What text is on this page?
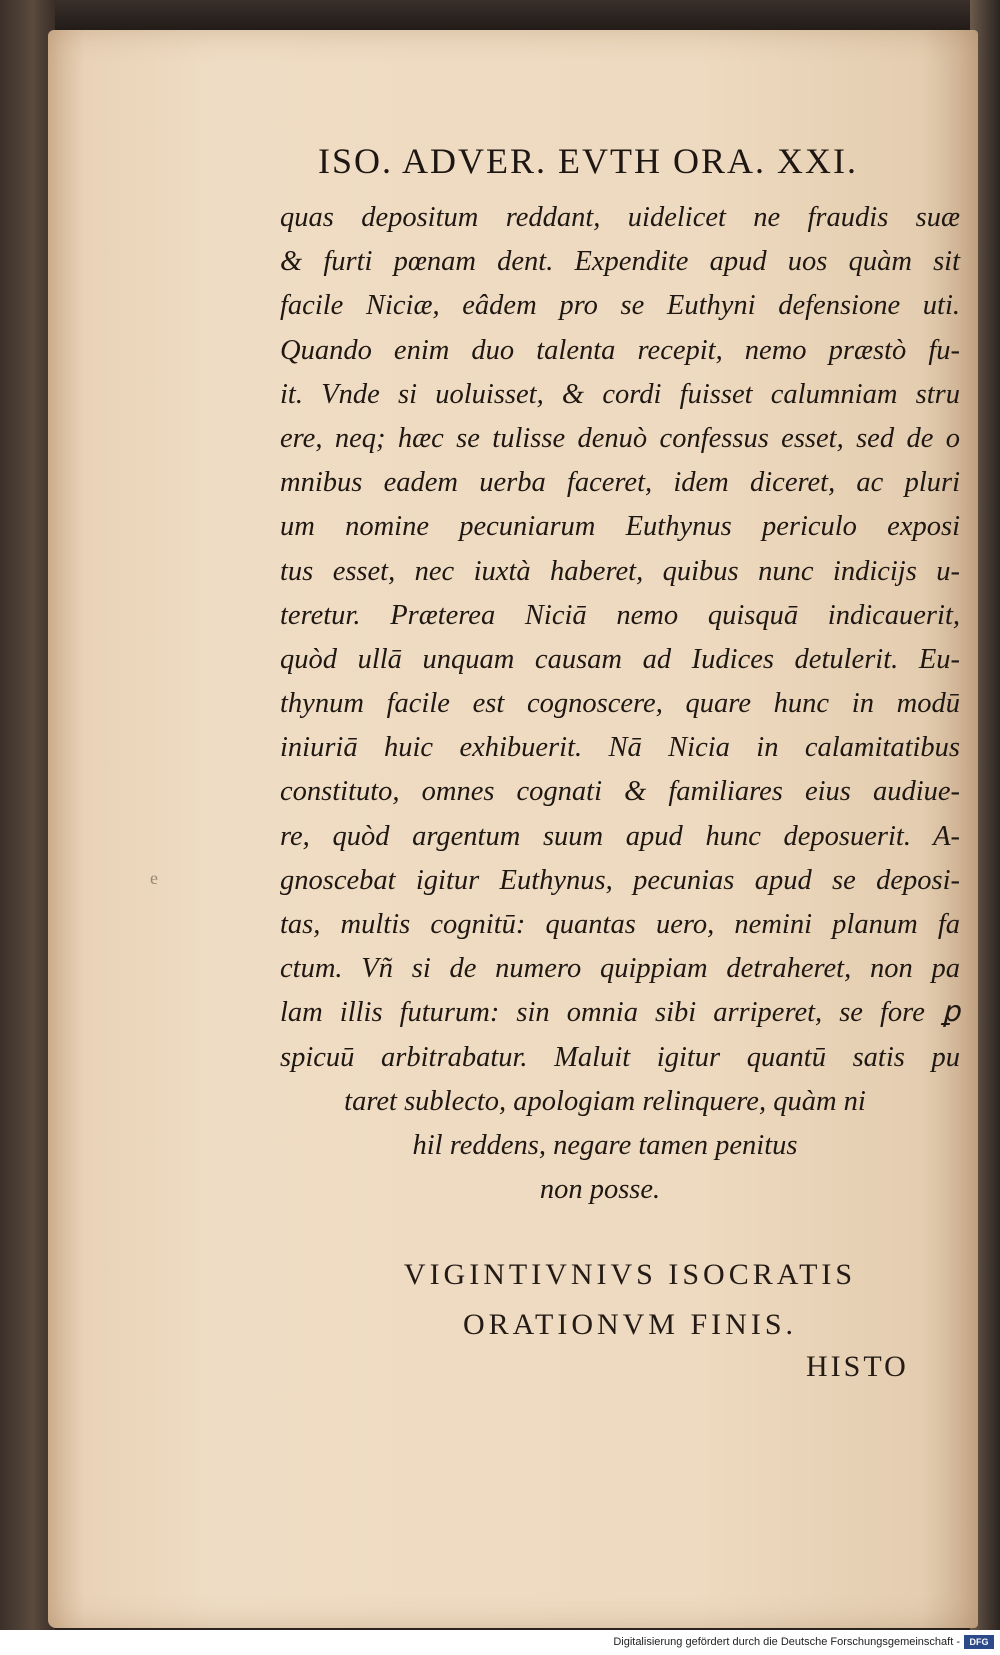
ISO. ADVER. EVTH ORA. XXI.
quas depositum reddant, uidelicet ne fraudis suæ
& furti pœnam dent. Expendite apud uos quàm sit
facile Niciæ, eâdem pro se Euthyni defensione uti.
Quando enim duo talenta recepit, nemo præstò fu-
it. Vnde si uoluisset, & cordi fuisset calumniam stru
ere, neq; hæc se tulisse denuò confessus esset, sed de o
mnibus eadem uerba faceret, idem diceret, ac pluri
um nomine pecuniarum Euthynus periculo exposi
tus esset, nec iuxtà haberet, quibus nunc indicijs u-
teretur. Præterea Niciā nemo quisquā indicauerit,
quòd ullā unquam causam ad Iudices detulerit. Eu-
thynum facile est cognoscere, quare hunc in modū
iniuriā huic exhibuerit. Nā Nicia in calamitatibus
constituto, omnes cognati & familiares eius audiue-
re, quòd argentum suum apud hunc deposuerit. A-
gnoscebat igitur Euthynus, pecunias apud se deposi-
tas, multis cognitū: quantas uero, nemini planum fa
ctum. Vñ si de numero quippiam detraheret, non pa
lam illis futurum: sin omnia sibi arriperet, se fore ꝑ
spicuū arbitrabatur. Maluit igitur quantū satis pu
taret sublecto, apologiam relinquere, quàm ni
hil reddens, negare tamen penitus
non posse.
VIGINTIVNIVS ISOCRATIS
ORATIONVM FINIS.
HISTO
e
Digitalisierung gefördert durch die Deutsche Forschungsgemeinschaft -	DFG
